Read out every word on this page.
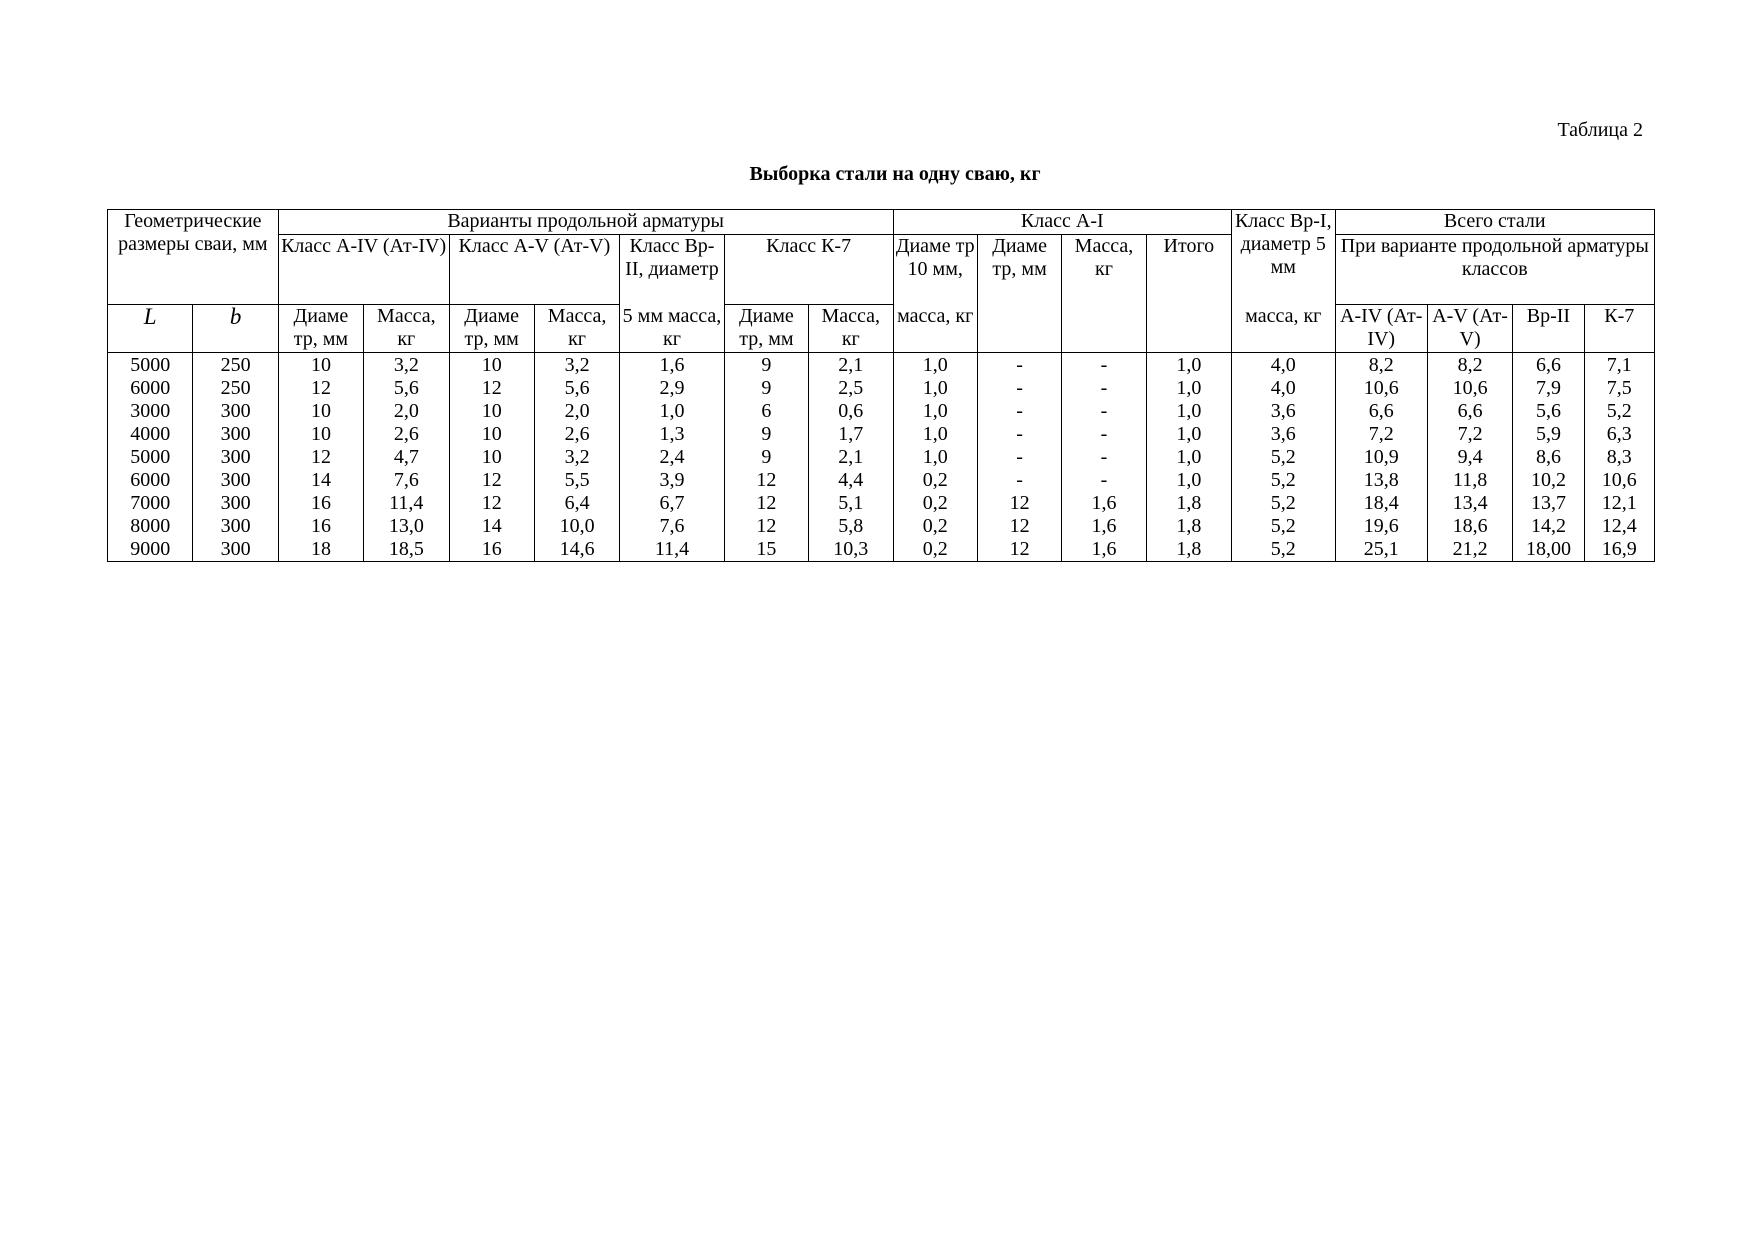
Таблица 2
Выборка стали на одну сваю, кг
Геометрические размеры сваи, мм		Варианты продольной арматуры							Класс А-I				Класс Вр-I, диаметр 5 мм	Всего стали			
		Класс А-IV (Ат-IV)		Класс А-V (Ат-V)		Класс Вр-II, диаметр	Класс К-7		Диаме тр 10 мм,	Диаме тр, мм	Масса, кг	Итого		При варианте продольной арматуры классов			
L	b	Диаме тр, мм	Масса, кг	Диаме тр, мм	Масса, кг	5 мм масса, кг	Диаме тр, мм	Масса, кг	масса, кг				масса, кг	А-IV (Ат-IV)	А-V (Ат-V)	Вр-II	К-7
5000	250	10	3,2	10	3,2	1,6	9	2,1	1,0	-	-	1,0	4,0	8,2	8,2	6,6	7,1
6000	250	12	5,6	12	5,6	2,9	9	2,5	1,0	-	-	1,0	4,0	10,6	10,6	7,9	7,5
3000	300	10	2,0	10	2,0	1,0	6	0,6	1,0	-	-	1,0	3,6	6,6	6,6	5,6	5,2
4000	300	10	2,6	10	2,6	1,3	9	1,7	1,0	-	-	1,0	3,6	7,2	7,2	5,9	6,3
5000	300	12	4,7	10	3,2	2,4	9	2,1	1,0	-	-	1,0	5,2	10,9	9,4	8,6	8,3
6000	300	14	7,6	12	5,5	3,9	12	4,4	0,2	-	-	1,0	5,2	13,8	11,8	10,2	10,6
7000	300	16	11,4	12	6,4	6,7	12	5,1	0,2	12	1,6	1,8	5,2	18,4	13,4	13,7	12,1
8000	300	16	13,0	14	10,0	7,6	12	5,8	0,2	12	1,6	1,8	5,2	19,6	18,6	14,2	12,4
9000	300	18	18,5	16	14,6	11,4	15	10,3	0,2	12	1,6	1,8	5,2	25,1	21,2	18,00	16,9
